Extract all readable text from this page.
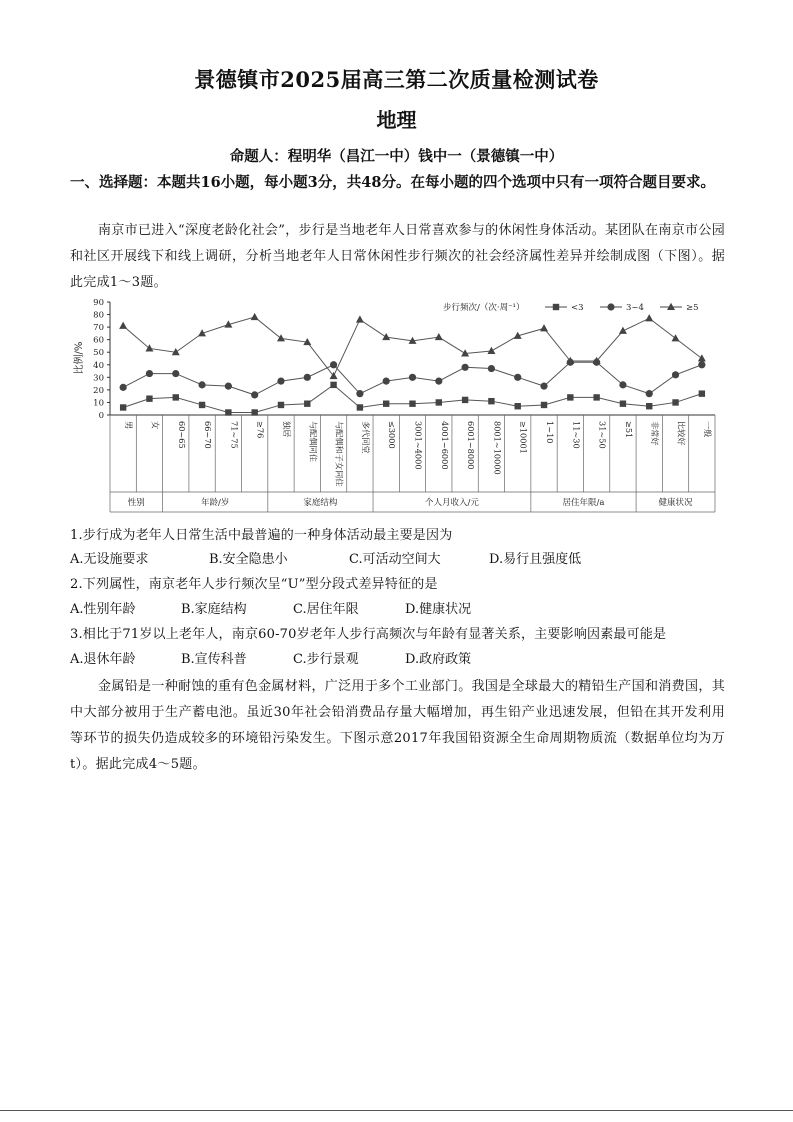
景德镇市2025届高三第二次质量检测试卷
地理
命题人：程明华（昌江一中）钱中一（景德镇一中）
一、选择题：本题共16小题，每小题3分，共48分。在每小题的四个选项中只有一项符合题目要求。
南京市已进入“深度老龄化社会”，步行是当地老年人日常喜欢参与的休闲性身体活动。某团队在南京市公园和社区开展线下和线上调研，分析当地老年人日常休闲性步行频次的社会经济属性差异并绘制成图（下图）。据此完成1～3题。
0
10
20
30
40
50
60
70
80
90
比例/%
步行频次/（次·周⁻¹）	<3	3~4	≥5
男 女 60~65 66~70 71~75 ≥76 独居 与配偶同住 与配偶和子女同住 多代同堂 ≤3000 3001~4000 4001~6000 6001~8000 8001~10000 ≥10001 1~10 11~30 31~50 ≥51 非常好 比较好 一般
性别	年龄/岁	家庭结构	个人月收入/元	居住年限/a	健康状况
1.步行成为老年人日常生活中最普遍的一种身体活动最主要是因为
A.无设施要求	B.安全隐患小	C.可活动空间大	D.易行且强度低
2.下列属性，南京老年人步行频次呈“U”型分段式差异特征的是
A.性别年龄	B.家庭结构	C.居住年限	D.健康状况
3.相比于71岁以上老年人，南京60-70岁老年人步行高频次与年龄有显著关系，主要影响因素最可能是
A.退休年龄	B.宣传科普	C.步行景观	D.政府政策
金属铅是一种耐蚀的重有色金属材料，广泛用于多个工业部门。我国是全球最大的精铅生产国和消费国，其中大部分被用于生产蓄电池。虽近30年社会铅消费品存量大幅增加，再生铅产业迅速发展，但铅在其开发利用等环节的损失仍造成较多的环境铅污染发生。下图示意2017年我国铅资源全生命周期物质流（数据单位均为万t）。据此完成4～5题。
